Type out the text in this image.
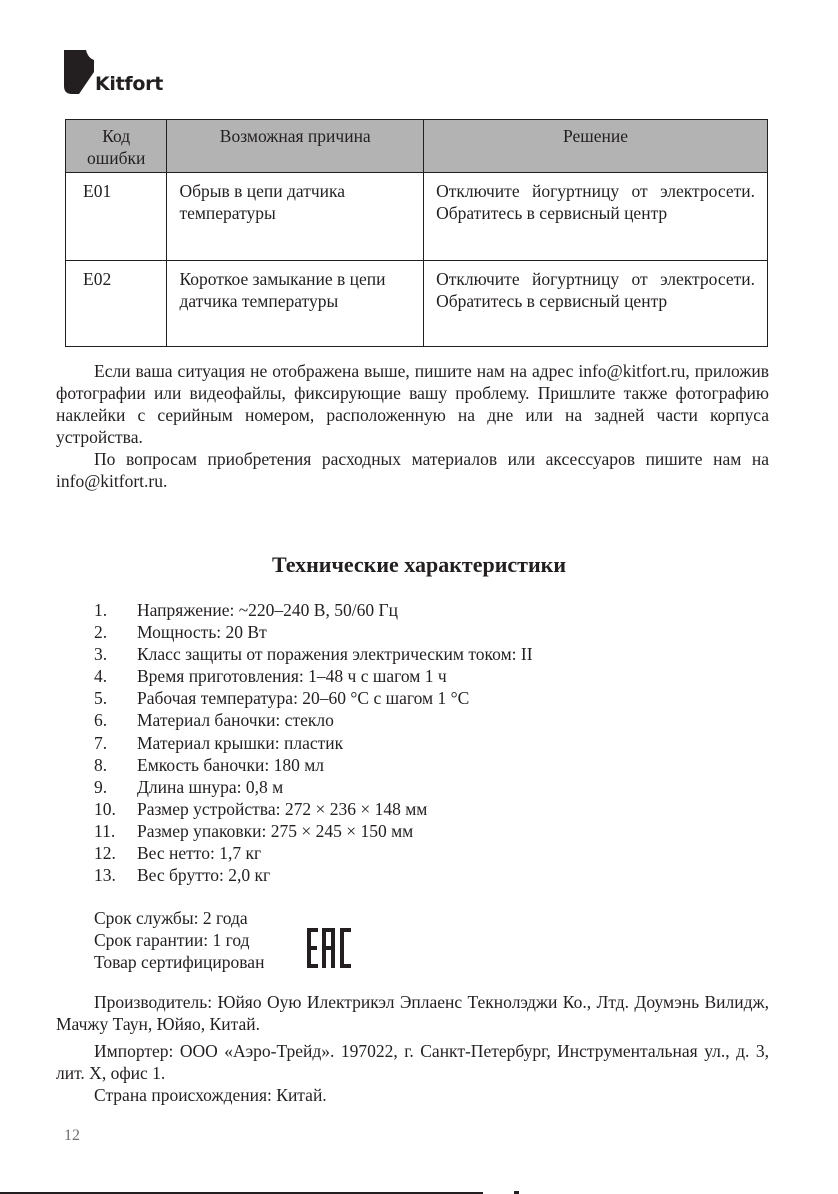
Kitfort
Код ошибки	Возможная причина	Решение
E01	Обрыв в цепи датчика температуры	Отключите йогуртницу от электросети. Обратитесь в сервисный центр
E02	Короткое замыкание в цепи датчика температуры	Отключите йогуртницу от электросети. Обратитесь в сервисный центр

Если ваша ситуация не отображена выше, пишите нам на адрес info@kitfort.ru, приложив фотографии или видеофайлы, фиксирующие вашу проблему. Пришлите также фотографию наклейки с серийным номером, расположенную на дне или на задней части корпуса устройства.

По вопросам приобретения расходных материалов или аксессуаров пишите нам на info@kitfort.ru.

Технические характеристики
1.	Напряжение: ~220–240 В, 50/60 Гц
2.	Мощность: 20 Вт
3.	Класс защиты от поражения электрическим током: II
4.	Время приготовления: 1–48 ч с шагом 1 ч
5.	Рабочая температура: 20–60 °С с шагом 1 °С
6.	Материал баночки: стекло
7.	Материал крышки: пластик
8.	Емкость баночки: 180 мл
9.	Длина шнура: 0,8 м
10.	Размер устройства: 272 × 236 × 148 мм
11.	Размер упаковки: 275 × 245 × 150 мм
12.	Вес нетто: 1,7 кг
13.	Вес брутто: 2,0 кг
Срок службы: 2 года
Срок гарантии: 1 год
Товар сертифицирован

Производитель: Юйяо Оую Илектрикэл Эплаенс Текнолэджи Ко., Лтд. Доумэнь Вилидж, Мачжу Таун, Юйяо, Китай.

Импортер: ООО «Аэро-Трейд». 197022, г. Санкт-Петербург, Инструментальная ул., д. 3, лит. Х, офис 1.

Страна происхождения: Китай.

12
